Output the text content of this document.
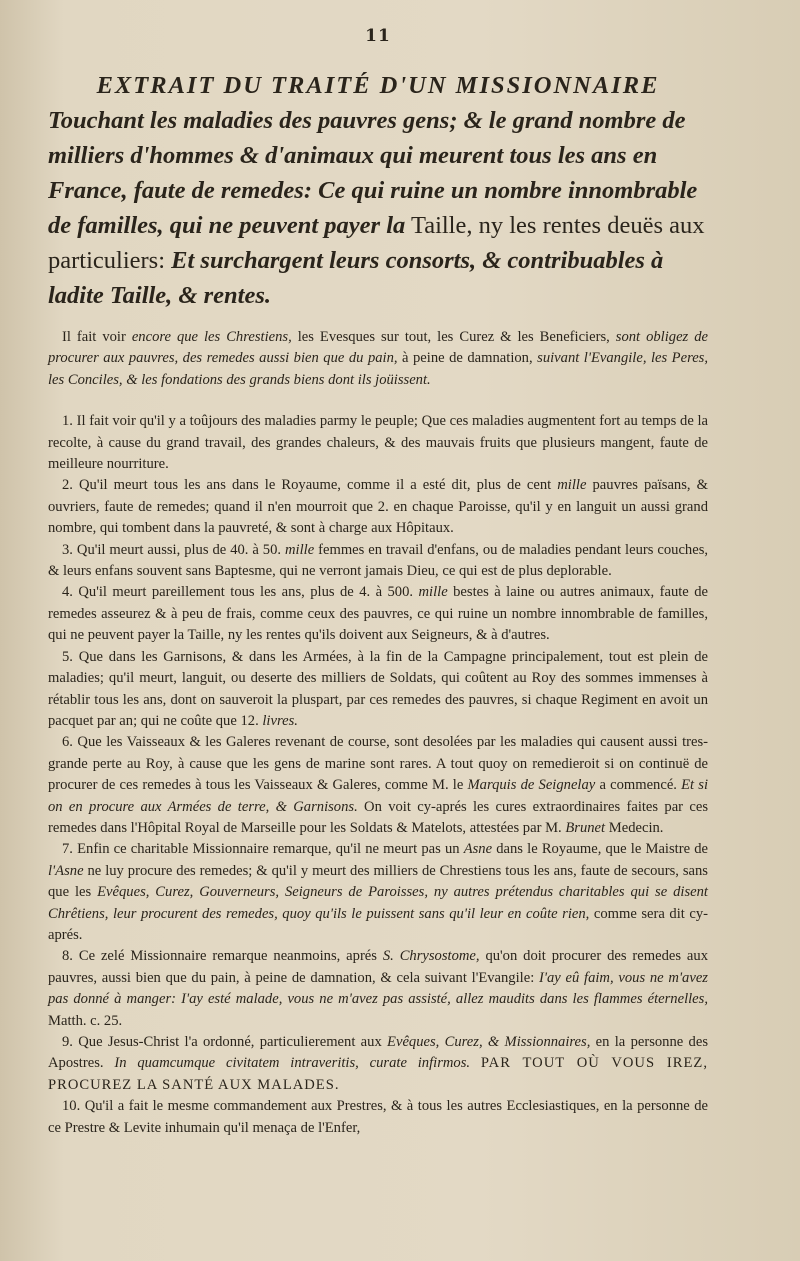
11
EXTRAIT DU TRAITÉ D'UN MISSIONNAIRE
Touchant les maladies des pauvres gens; & le grand nombre de milliers d'hommes & d'animaux qui meurent tous les ans en France, faute de remedes: Ce qui ruine un nombre innombrable de familles, qui ne peuvent payer la Taille, ny les rentes deuës aux particuliers: Et surchargent leurs consorts, & contribuables à ladite Taille, & rentes.

Il fait voir encore que les Chrestiens, les Evesques sur tout, les Curez & les Beneficiers, sont obligez de procurer aux pauvres, des remedes aussi bien que du pain, à peine de damnation, suivant l'Evangile, les Peres, les Conciles, & les fondations des grands biens dont ils joüissent.

1. Il fait voir qu'il y a toûjours des maladies parmy le peuple; Que ces maladies augmentent fort au temps de la recolte, à cause du grand travail, des grandes chaleurs, & des mauvais fruits que plusieurs mangent, faute de meilleure nourriture.

2. Qu'il meurt tous les ans dans le Royaume, comme il a esté dit, plus de cent mille pauvres païsans, & ouvriers, faute de remedes; quand il n'en mourroit que 2. en chaque Paroisse, qu'il y en languit un aussi grand nombre, qui tombent dans la pauvreté, & sont à charge aux Hôpitaux.

3. Qu'il meurt aussi, plus de 40. à 50. mille femmes en travail d'enfans, ou de maladies pendant leurs couches, & leurs enfans souvent sans Baptesme, qui ne verront jamais Dieu, ce qui est de plus deplorable.

4. Qu'il meurt pareillement tous les ans, plus de 4. à 500. mille bestes à laine ou autres animaux, faute de remedes asseurez & à peu de frais, comme ceux des pauvres, ce qui ruine un nombre innombrable de familles, qui ne peuvent payer la Taille, ny les rentes qu'ils doivent aux Seigneurs, & à d'autres.

5. Que dans les Garnisons, & dans les Armées, à la fin de la Campagne principalement, tout est plein de maladies; qu'il meurt, languit, ou deserte des milliers de Soldats, qui coûtent au Roy des sommes immenses à rétablir tous les ans, dont on sauveroit la pluspart, par ces remedes des pauvres, si chaque Regiment en avoit un pacquet par an; qui ne coûte que 12. livres.

6. Que les Vaisseaux & les Galeres revenant de course, sont desolées par les maladies qui causent aussi tres-grande perte au Roy, à cause que les gens de marine sont rares. A tout quoy on remedieroit si on continuë de procurer de ces remedes à tous les Vaisseaux & Galeres, comme M. le Marquis de Seignelay a commencé. Et si on en procure aux Armées de terre, & Garnisons. On voit cy-aprés les cures extraordinaires faites par ces remedes dans l'Hôpital Royal de Marseille pour les Soldats & Matelots, attestées par M. Brunet Medecin.

7. Enfin ce charitable Missionnaire remarque, qu'il ne meurt pas un Asne dans le Royaume, que le Maistre de l'Asne ne luy procure des remedes; & qu'il y meurt des milliers de Chrestiens tous les ans, faute de secours, sans que les Evêques, Curez, Gouverneurs, Seigneurs de Paroisses, ny autres prétendus charitables qui se disent Chrêtiens, leur procurent des remedes, quoy qu'ils le puissent sans qu'il leur en coûte rien, comme sera dit cy-aprés.

8. Ce zelé Missionnaire remarque neanmoins, aprés S. Chrysostome, qu'on doit procurer des remedes aux pauvres, aussi bien que du pain, à peine de damnation, & cela suivant l'Evangile: I'ay eû faim, vous ne m'avez pas donné à manger: I'ay esté malade, vous ne m'avez pas assisté, allez maudits dans les flammes éternelles, Matth. c. 25.

9. Que Jesus-Christ l'a ordonné, particulierement aux Evêques, Curez, & Missionnaires, en la personne des Apostres. In quamcumque civitatem intraveritis, curate infirmos. PAR TOUT OÙ VOUS IREZ, PROCUREZ LA SANTÉ AUX MALADES.

10. Qu'il a fait le mesme commandement aux Prestres, & à tous les autres Ecclesiastiques, en la personne de ce Prestre & Levite inhumain qu'il menaça de l'Enfer,
